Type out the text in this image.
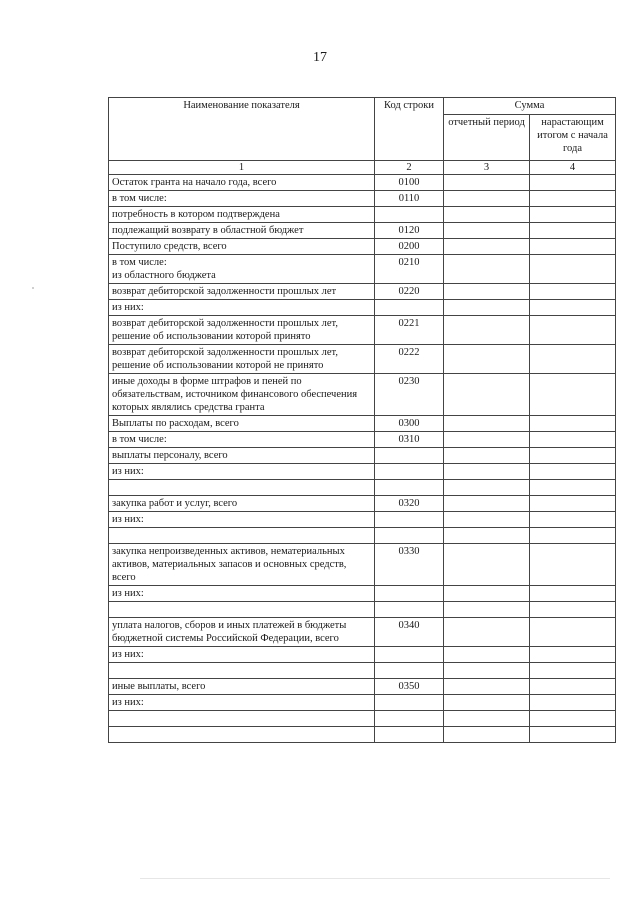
17
Наименование показателя	Код строки	Сумма	
		отчетный период	нарастающим итогом с начала года
1	2	3	4
Остаток гранта на начало года, всего	0100		
в том числе:	0110		
потребность в котором подтверждена			
подлежащий возврату в областной бюджет	0120		
Поступило средств, всего	0200		
в том числе:
из областного бюджета	0210		
возврат дебиторской задолженности прошлых лет	0220		
из них:			
возврат дебиторской задолженности прошлых лет, решение об использовании которой принято	0221		
возврат дебиторской задолженности прошлых лет, решение об использовании которой не принято	0222		
иные доходы в форме штрафов и пеней по обязательствам, источником финансового обеспечения которых являлись средства гранта	0230		
Выплаты по расходам, всего	0300		
в том числе:	0310		
выплаты персоналу, всего			
из них:			

закупка работ и услуг, всего	0320		
из них:			

закупка непроизведенных активов, нематериальных активов, материальных запасов и основных средств, всего	0330		
из них:			

уплата налогов, сборов и иных платежей в бюджеты бюджетной системы Российской Федерации, всего	0340		
из них:			

иные выплаты, всего	0350		
из них:			
